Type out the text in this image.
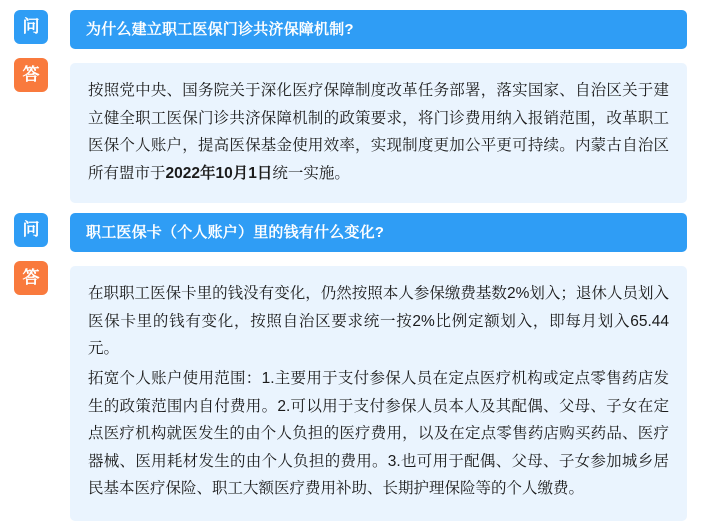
问
答
为什么建立职工医保门诊共济保障机制?

按照党中央、国务院关于深化医疗保障制度改革任务部署，落实国家、自治区关于建立健全职工医保门诊共济保障机制的政策要求，将门诊费用纳入报销范围，改革职工医保个人账户，提高医保基金使用效率，实现制度更加公平更可持续。内蒙古自治区所有盟市于2022年10月1日统一实施。

问
答
职工医保卡（个人账户）里的钱有什么变化?

在职职工医保卡里的钱没有变化，仍然按照本人参保缴费基数2%划入；退休人员划入医保卡里的钱有变化，按照自治区要求统一按2%比例定额划入，即每月划入65.44元。

拓宽个人账户使用范围：1.主要用于支付参保人员在定点医疗机构或定点零售药店发生的政策范围内自付费用。2.可以用于支付参保人员本人及其配偶、父母、子女在定点医疗机构就医发生的由个人负担的医疗费用，以及在定点零售药店购买药品、医疗器械、医用耗材发生的由个人负担的费用。3.也可用于配偶、父母、子女参加城乡居民基本医疗保险、职工大额医疗费用补助、长期护理保险等的个人缴费。
